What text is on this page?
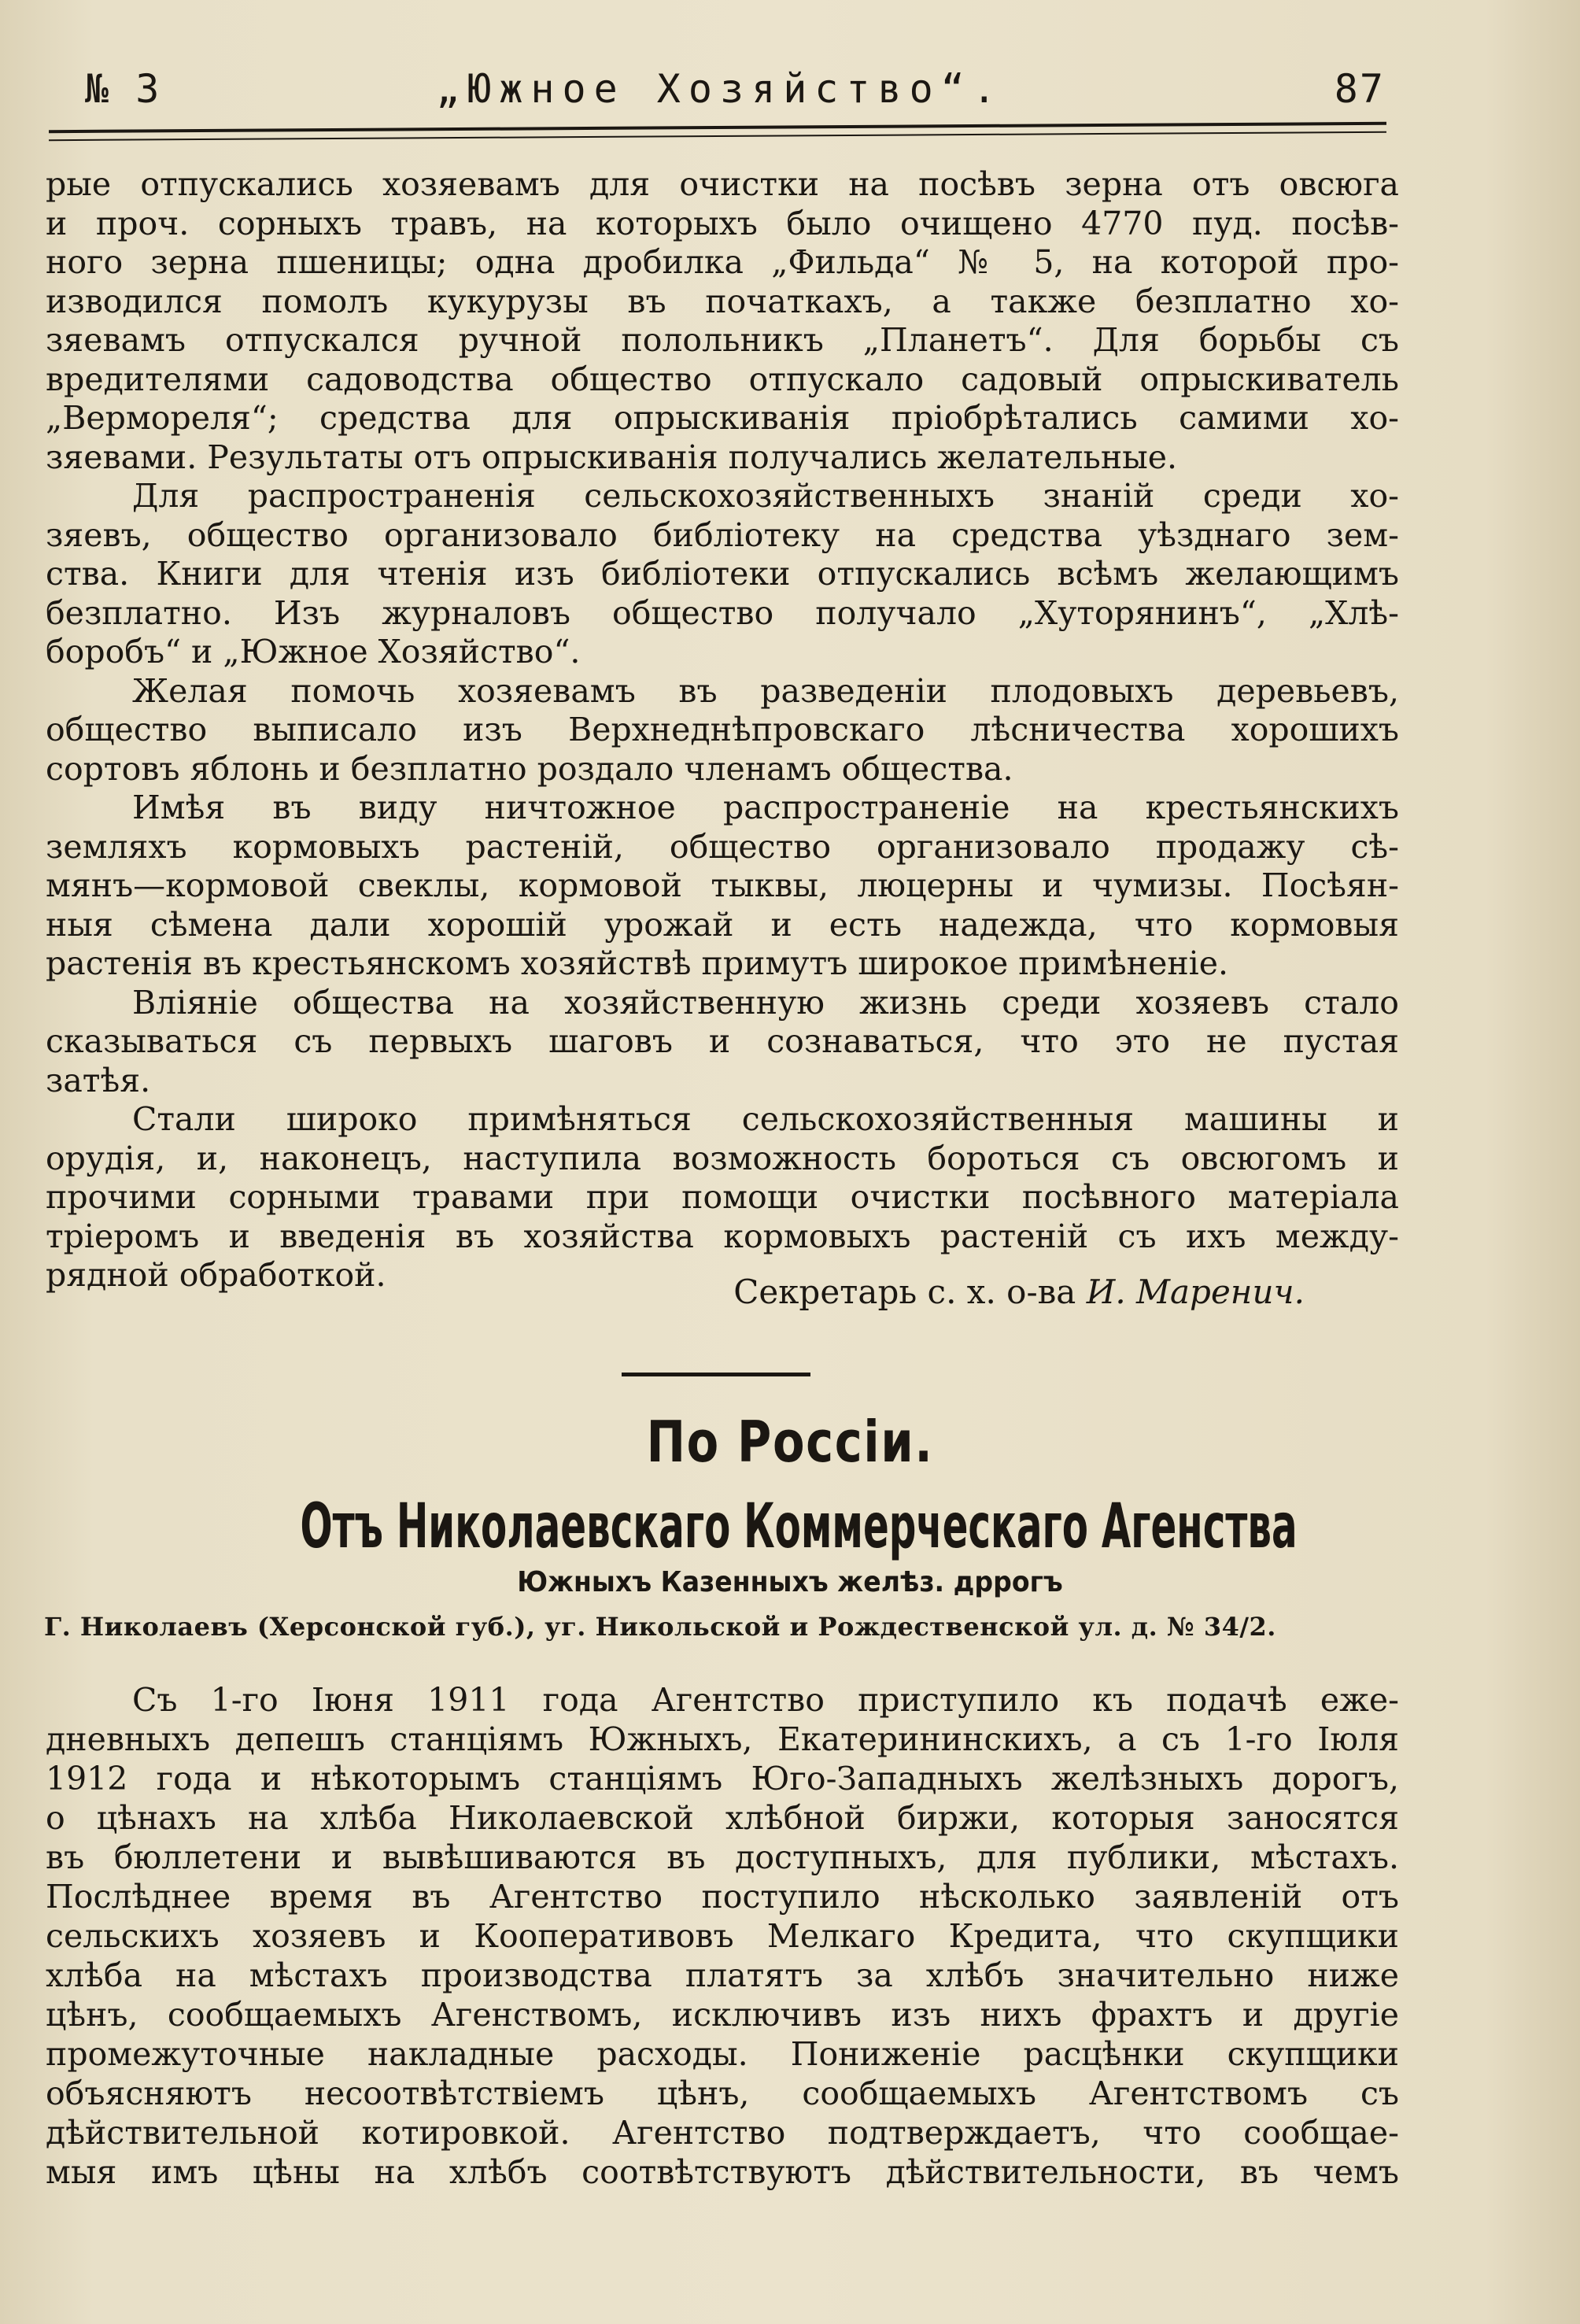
№ 3	„Южное Хозяйство“.	87
рые отпускались хозяевамъ для очистки на посѣвъ зерна отъ овсюга
и проч. сорныхъ травъ, на которыхъ было очищено 4770 пуд. посѣв-
ного зерна пшеницы; одна дробилка „Фильда“ № 5, на которой про-
изводился помолъ кукурузы въ початкахъ, а также безплатно хо-
зяевамъ отпускался ручной полольникъ „Планетъ“. Для борьбы съ
вредителями садоводства общество отпускало садовый опрыскиватель
„Вермореля“; средства для опрыскиванія пріобрѣтались самими хо-
зяевами. Результаты отъ опрыскиванія получались желательные.
Для распространенія сельскохозяйственныхъ знаній среди хо-
зяевъ, общество организовало библіотеку на средства уѣзднаго зем-
ства. Книги для чтенія изъ библіотеки отпускались всѣмъ желающимъ
безплатно. Изъ журналовъ общество получало „Хуторянинъ“, „Хлѣ-
боробъ“ и „Южное Хозяйство“.
Желая помочь хозяевамъ въ разведеніи плодовыхъ деревьевъ,
общество выписало изъ Верхнеднѣпровскаго лѣсничества хорошихъ
сортовъ яблонь и безплатно роздало членамъ общества.
Имѣя въ виду ничтожное распространеніе на крестьянскихъ
земляхъ кормовыхъ растеній, общество организовало продажу сѣ-
мянъ—кормовой свеклы, кормовой тыквы, люцерны и чумизы. Посѣян-
ныя сѣмена дали хорошій урожай и есть надежда, что кормовыя
растенія въ крестьянскомъ хозяйствѣ примутъ широкое примѣненіе.
Вліяніе общества на хозяйственную жизнь среди хозяевъ стало
сказываться съ первыхъ шаговъ и сознаваться, что это не пустая
затѣя.
Стали широко примѣняться сельскохозяйственныя машины и
орудія, и, наконецъ, наступила возможность бороться съ овсюгомъ и
прочими сорными травами при помощи очистки посѣвного матеріала
тріеромъ и введенія въ хозяйства кормовыхъ растеній съ ихъ между-
рядной обработкой.	Секретарь с. х. о-ва И. Маренич.
По Россіи.
Отъ Николаевскаго Коммерческаго Агенства
Южныхъ Казенныхъ желѣз. дррогъ
Г. Николаевъ (Херсонской губ.), уг. Никольской и Рождественской ул. д. № 34/2.
Съ 1-го Іюня 1911 года Агентство приступило къ подачѣ еже-
дневныхъ депешъ станціямъ Южныхъ, Екатерининскихъ, а съ 1-го Іюля
1912 года и нѣкоторымъ станціямъ Юго-Западныхъ желѣзныхъ дорогъ,
о цѣнахъ на хлѣба Николаевской хлѣбной биржи, которыя заносятся
въ бюллетени и вывѣшиваются въ доступныхъ, для публики, мѣстахъ.
Послѣднее время въ Агентство поступило нѣсколько заявленій отъ
сельскихъ хозяевъ и Кооперативовъ Мелкаго Кредита, что скупщики
хлѣба на мѣстахъ производства платятъ за хлѣбъ значительно ниже
цѣнъ, сообщаемыхъ Агенствомъ, исключивъ изъ нихъ фрахтъ и другіе
промежуточные накладные расходы. Пониженіе расцѣнки скупщики
объясняютъ несоотвѣтствіемъ цѣнъ, сообщаемыхъ Агентствомъ съ
дѣйствительной котировкой. Агентство подтверждаетъ, что сообщае-
мыя имъ цѣны на хлѣбъ соотвѣтствуютъ дѣйствительности, въ чемъ
